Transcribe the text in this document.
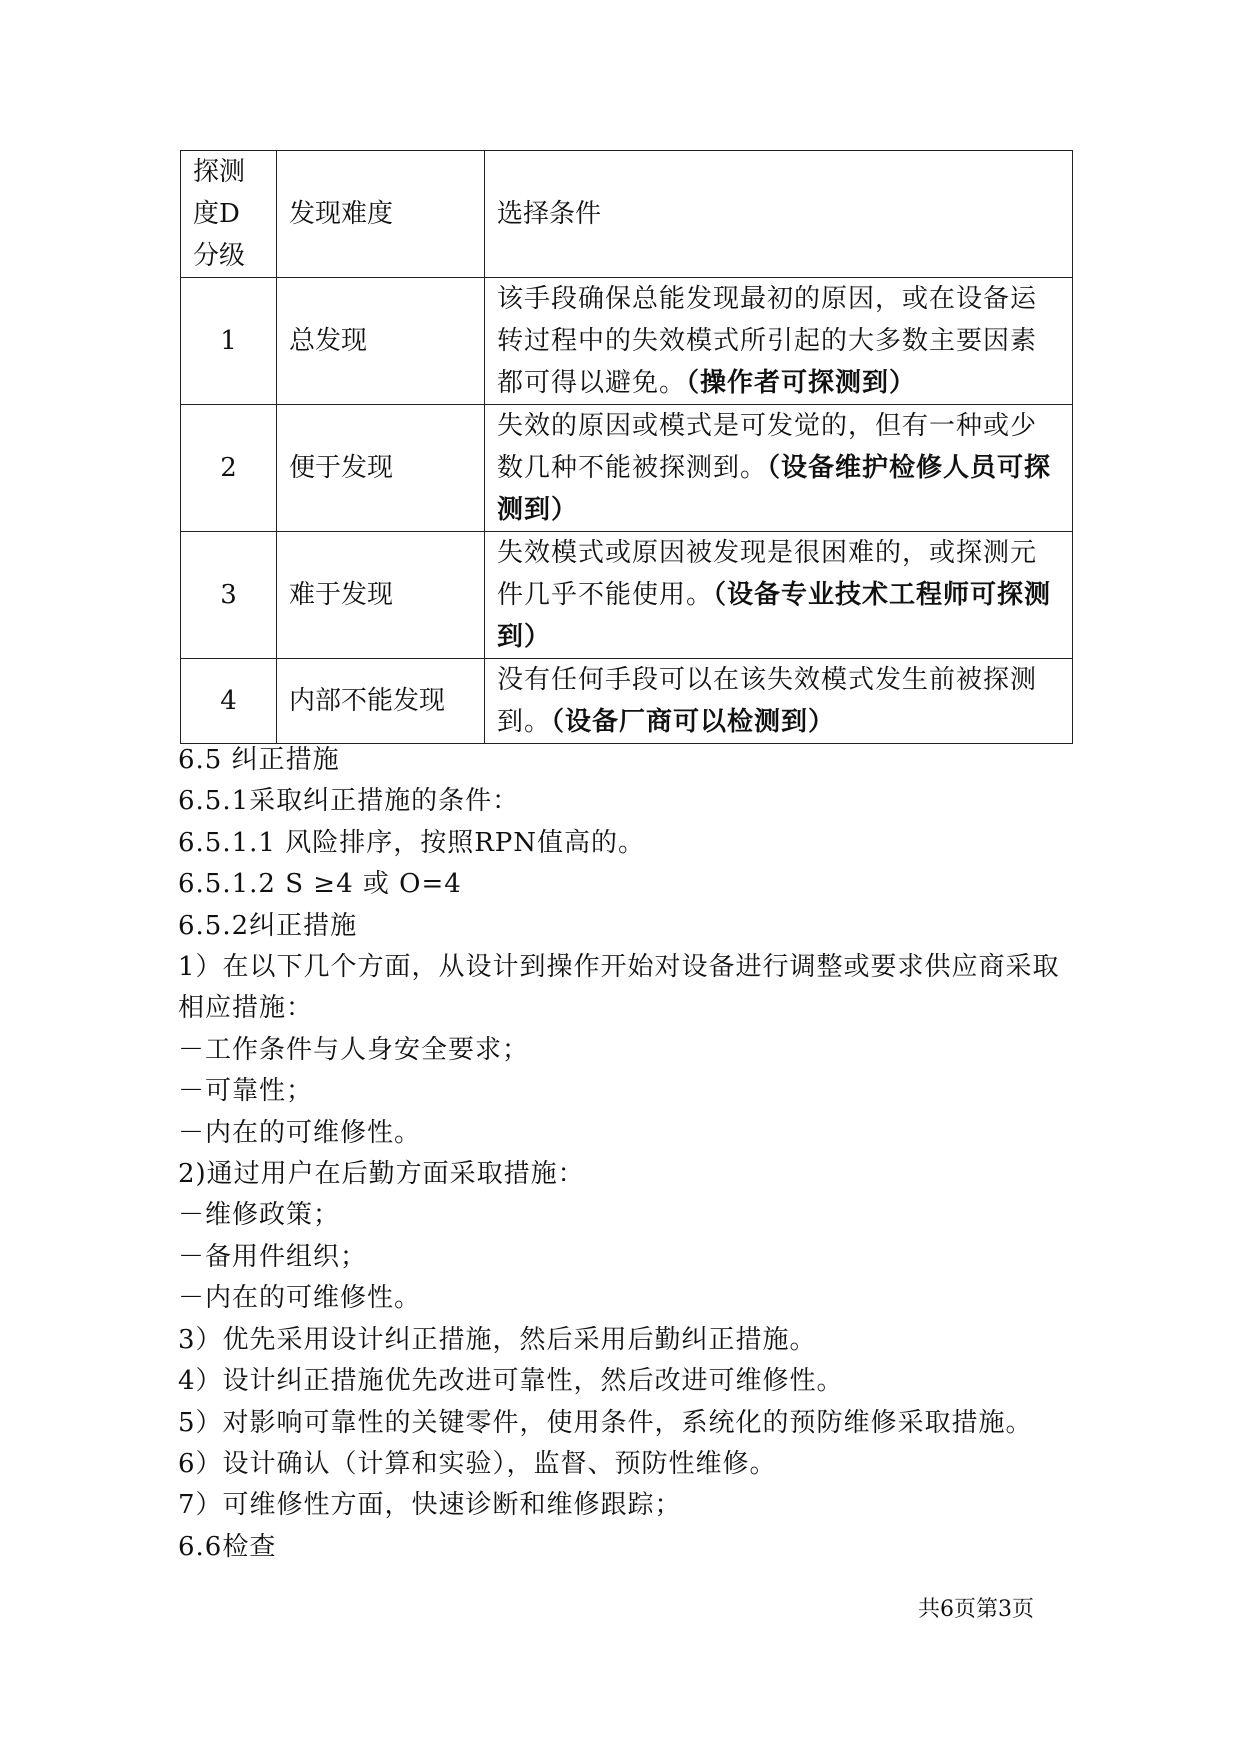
探测
度D
分级	发现难度	选择条件
1	总发现	该手段确保总能发现最初的原因，或在设备运转过程中的失效模式所引起的大多数主要因素都可得以避免。（操作者可探测到）
2	便于发现	失效的原因或模式是可发觉的，但有一种或少数几种不能被探测到。（设备维护检修人员可探测到）
3	难于发现	失效模式或原因被发现是很困难的，或探测元件几乎不能使用。（设备专业技术工程师可探测到）
4	内部不能发现	没有任何手段可以在该失效模式发生前被探测到。（设备厂商可以检测到）
6.5 纠正措施
6.5.1采取纠正措施的条件：
6.5.1.1 风险排序，按照RPN值高的。
6.5.1.2 S ≥4 或 O=4
6.5.2纠正措施
1）在以下几个方面，从设计到操作开始对设备进行调整或要求供应商采取相应措施：
－工作条件与人身安全要求；
－可靠性；
－内在的可维修性。
2)通过用户在后勤方面采取措施：
－维修政策；
－备用件组织；
－内在的可维修性。
3）优先采用设计纠正措施，然后采用后勤纠正措施。
4）设计纠正措施优先改进可靠性，然后改进可维修性。
5）对影响可靠性的关键零件，使用条件，系统化的预防维修采取措施。
6）设计确认（计算和实验），监督、预防性维修。
7）可维修性方面，快速诊断和维修跟踪；
6.6检查
共6页第3页
